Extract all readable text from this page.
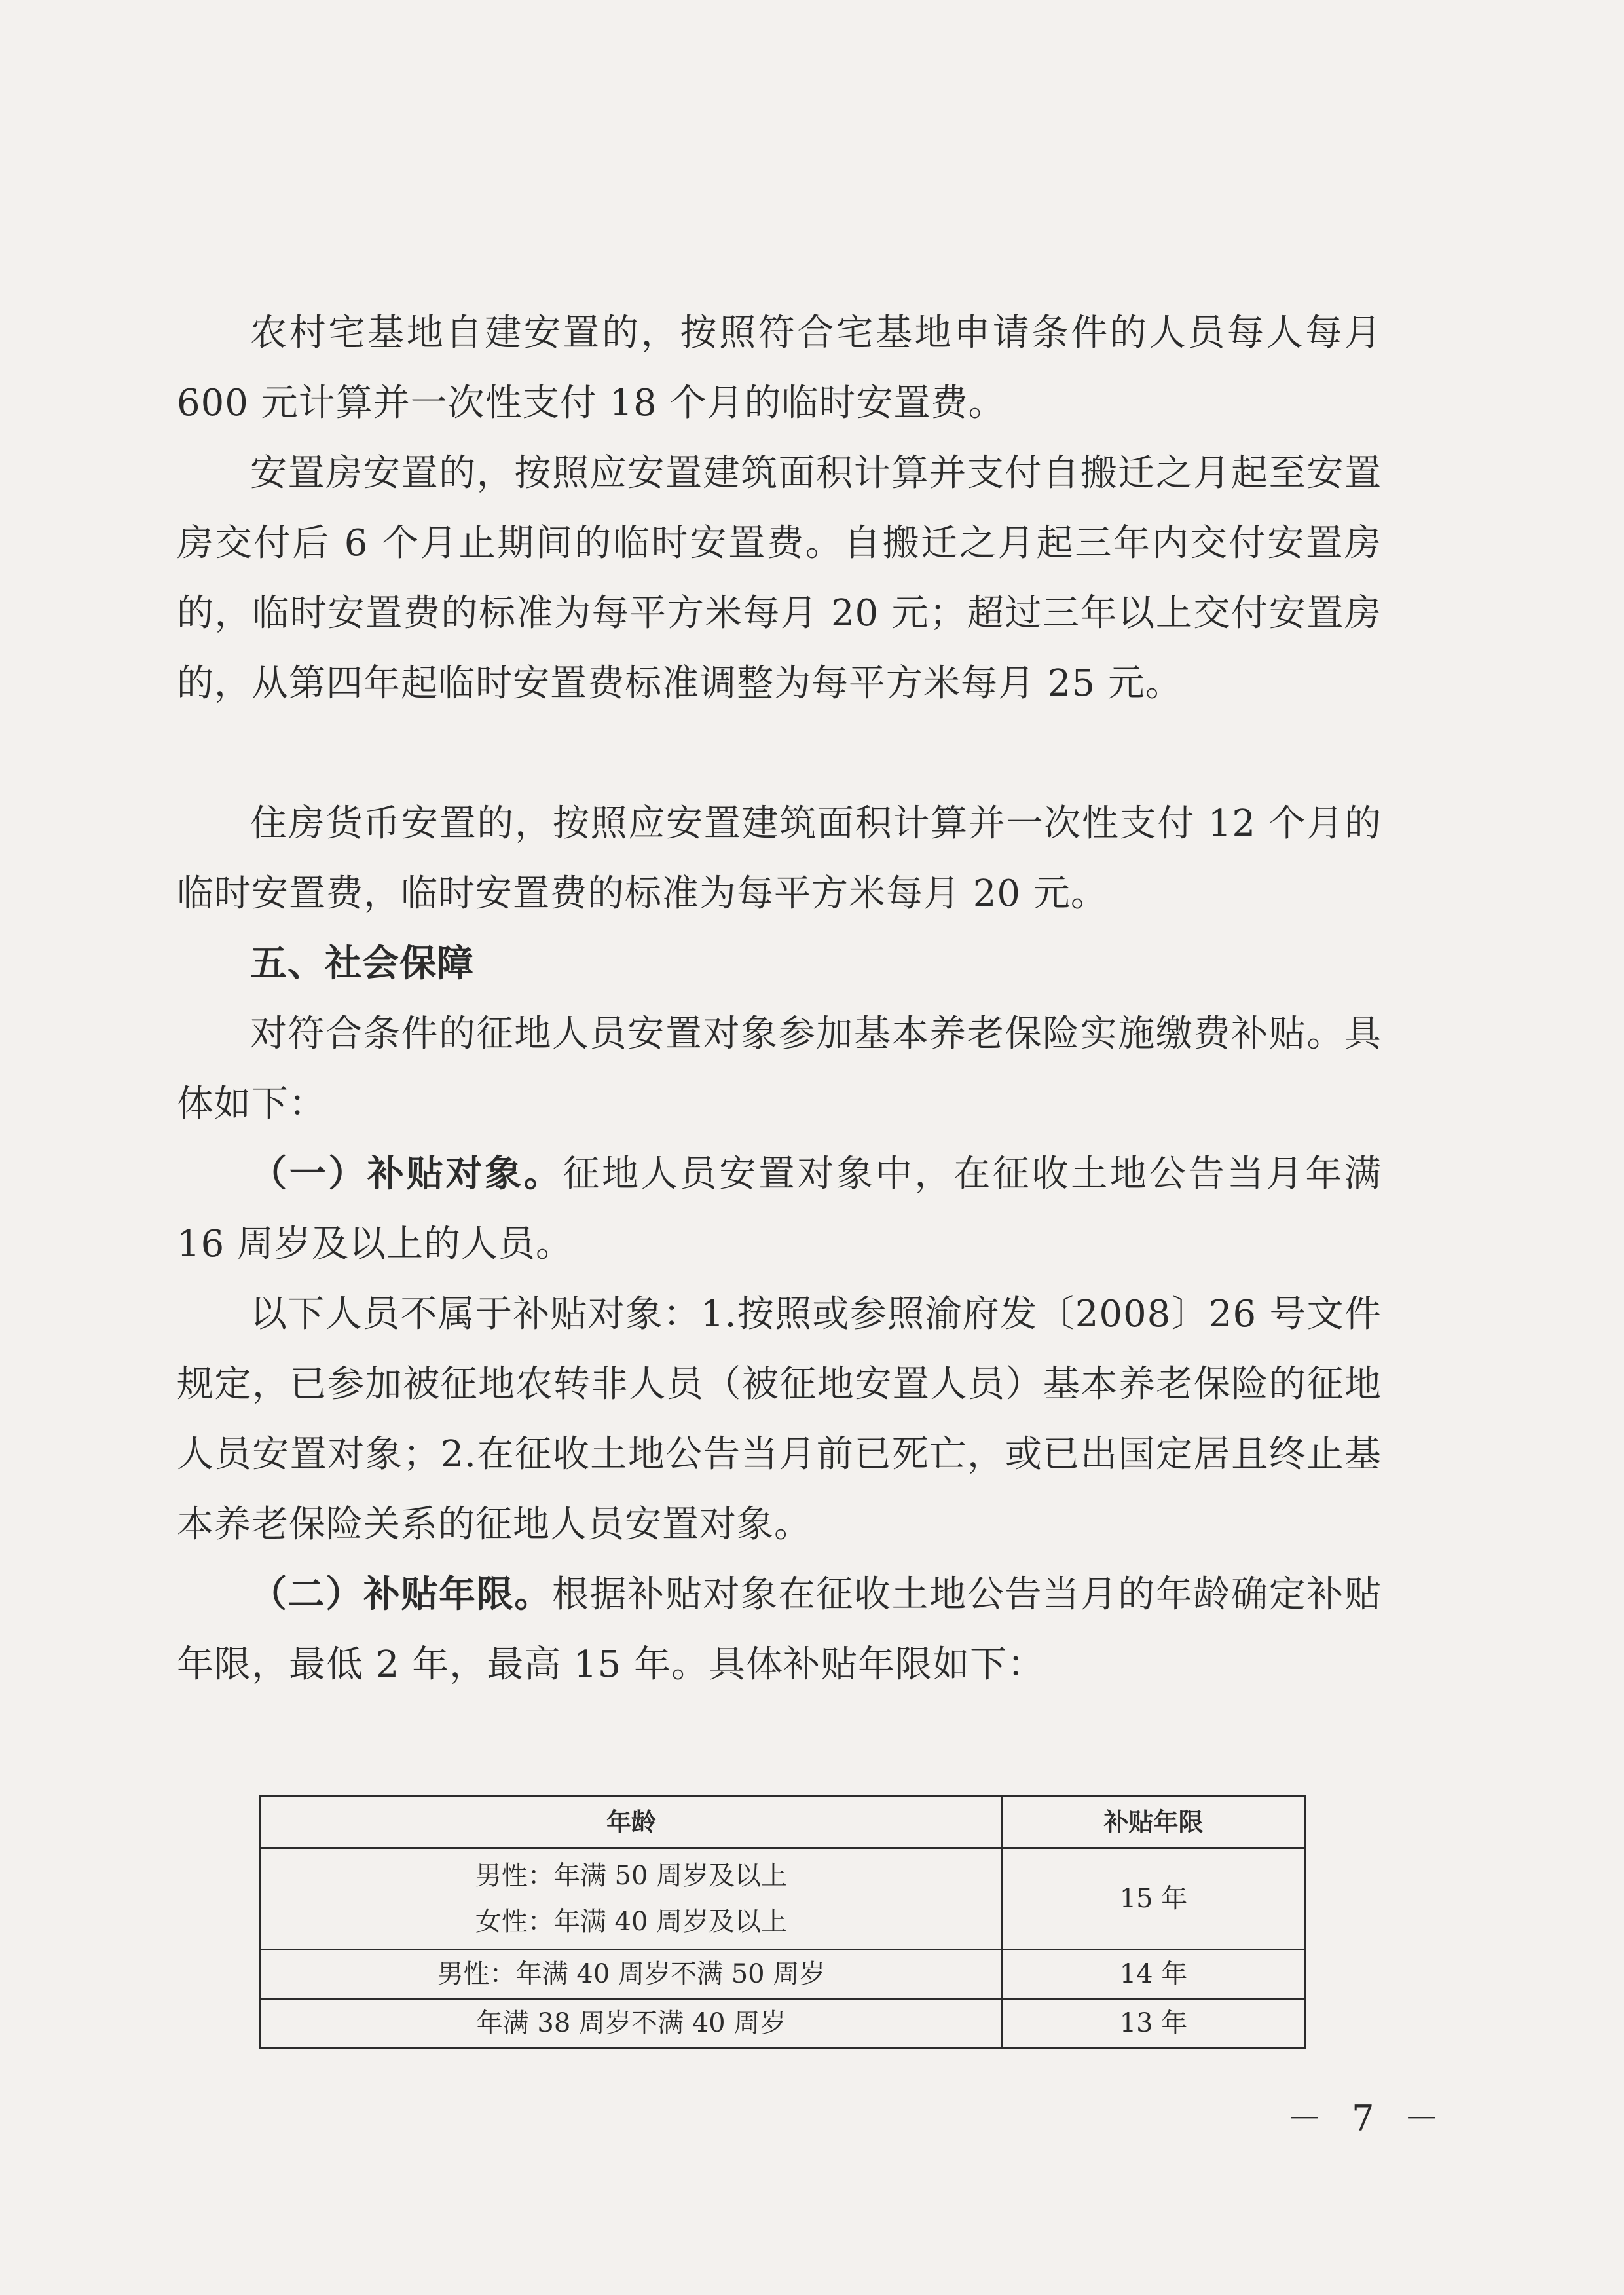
农村宅基地自建安置的，按照符合宅基地申请条件的人员每人每月 600 元计算并一次性支付 18 个月的临时安置费。

安置房安置的，按照应安置建筑面积计算并支付自搬迁之月起至安置房交付后 6 个月止期间的临时安置费。自搬迁之月起三年内交付安置房的，临时安置费的标准为每平方米每月 20 元；超过三年以上交付安置房的，从第四年起临时安置费标准调整为每平方米每月 25 元。

住房货币安置的，按照应安置建筑面积计算并一次性支付 12 个月的临时安置费，临时安置费的标准为每平方米每月 20 元。

五、社会保障

对符合条件的征地人员安置对象参加基本养老保险实施缴费补贴。具体如下：

（一）补贴对象。征地人员安置对象中，在征收土地公告当月年满 16 周岁及以上的人员。

以下人员不属于补贴对象：1.按照或参照渝府发〔2008〕26 号文件规定，已参加被征地农转非人员（被征地安置人员）基本养老保险的征地人员安置对象；2.在征收土地公告当月前已死亡，或已出国定居且终止基本养老保险关系的征地人员安置对象。

（二）补贴年限。根据补贴对象在征收土地公告当月的年龄确定补贴年限，最低 2 年，最高 15 年。具体补贴年限如下：

年龄	补贴年限

男性：年满 50 周岁及以上
女性：年满 40 周岁及以上	15 年
男性：年满 40 周岁不满 50 周岁	14 年
年满 38 周岁不满 40 周岁	13 年
－ 7 －
